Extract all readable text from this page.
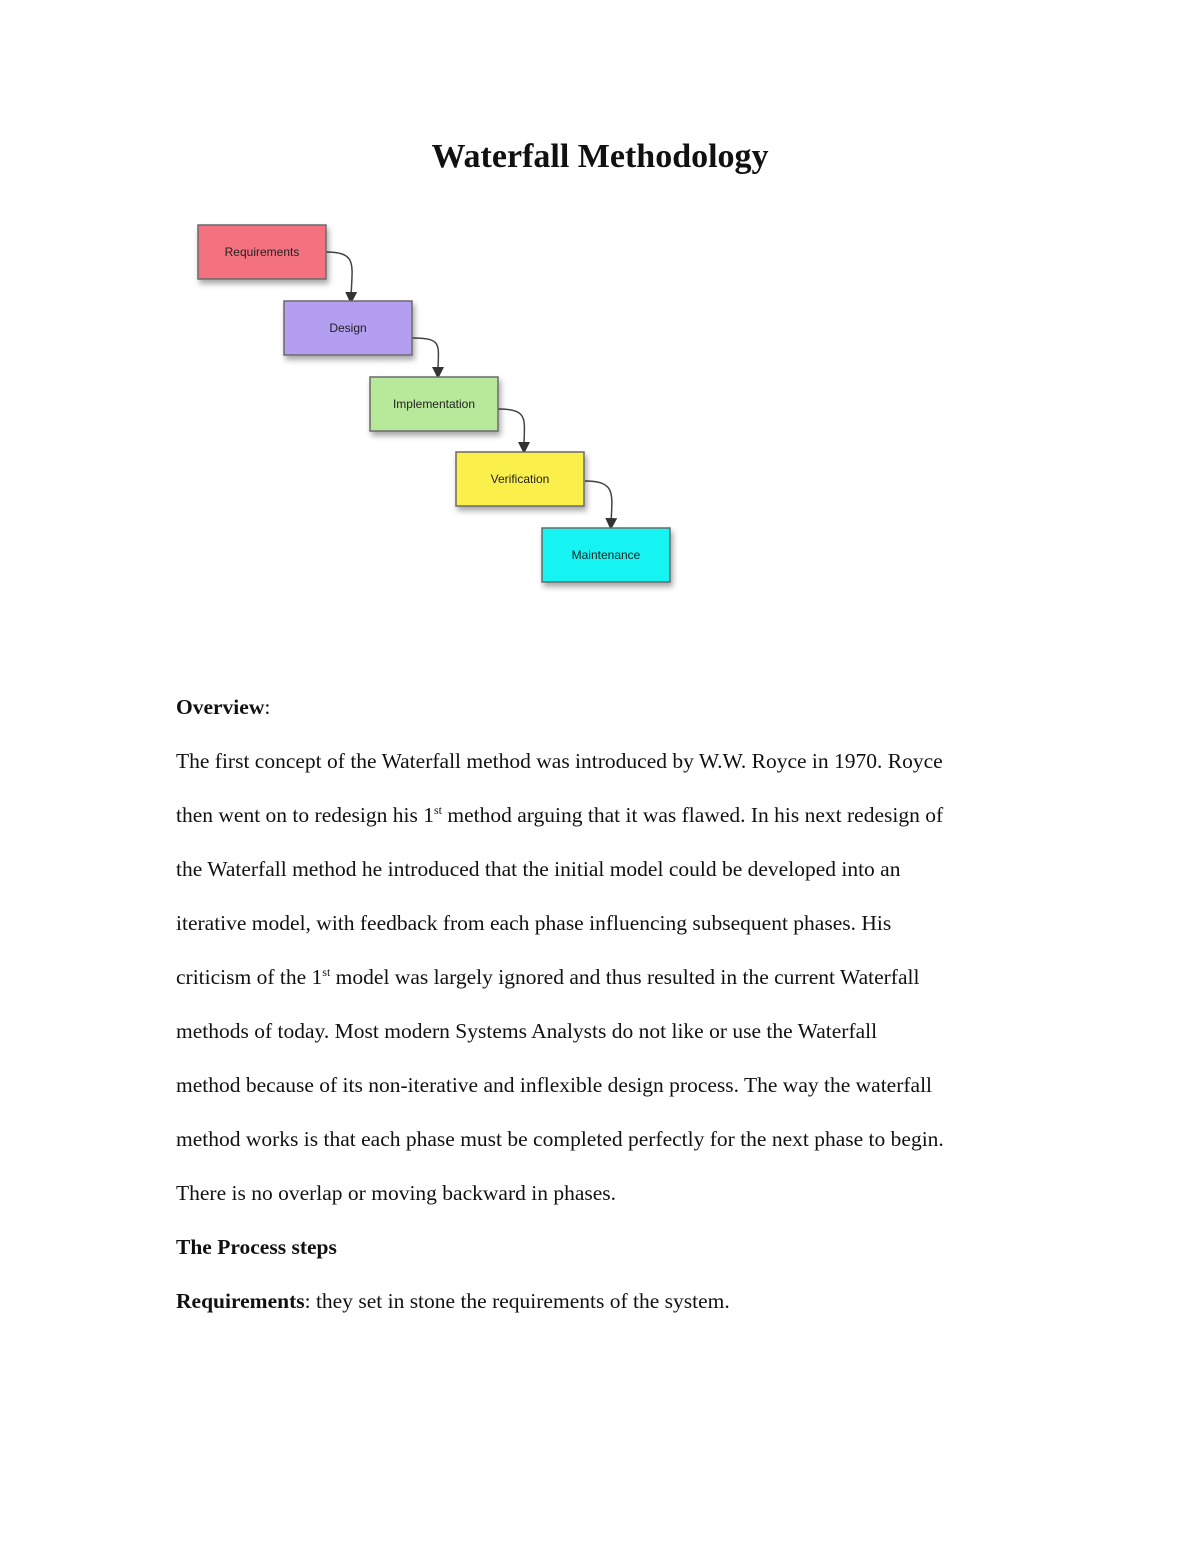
Waterfall Methodology
Requirements
Design
Implementation
Verification
Maintenance

Overview:

The first concept of the Waterfall method was introduced by W.W. Royce in 1970. Royce
then went on to redesign his 1st method arguing that it was flawed. In his next redesign of
the Waterfall method he introduced that the initial model could be developed into an
iterative model, with feedback from each phase influencing subsequent phases. His
criticism of the 1st model was largely ignored and thus resulted in the current Waterfall
methods of today. Most modern Systems Analysts do not like or use the Waterfall
method because of its non-iterative and inflexible design process. The way the waterfall
method works is that each phase must be completed perfectly for the next phase to begin.
There is no overlap or moving backward in phases.

The Process steps

Requirements: they set in stone the requirements of the system.
